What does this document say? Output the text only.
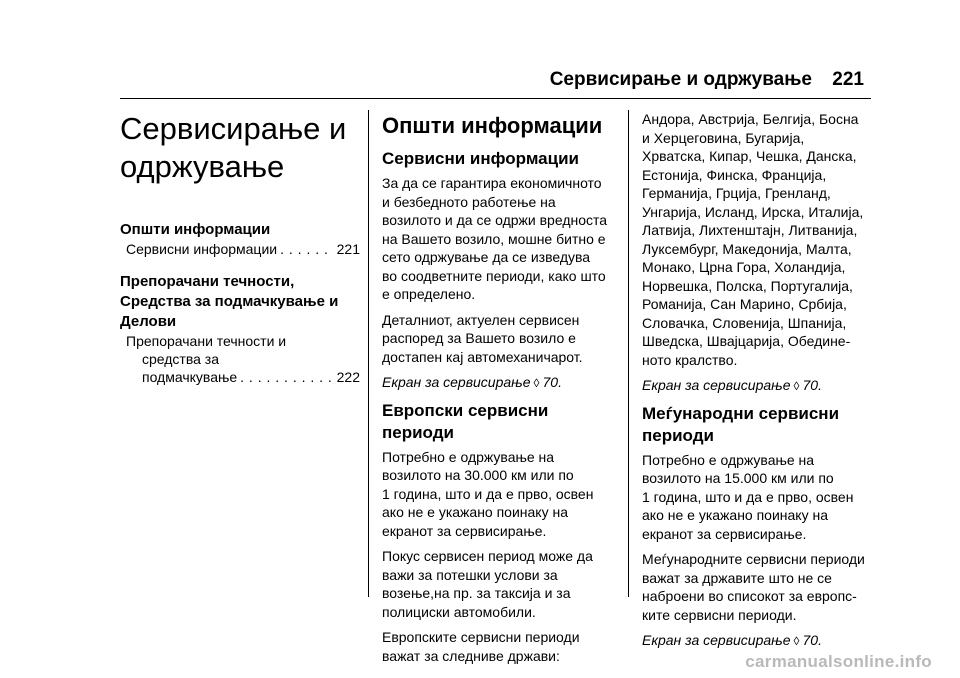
Сервисирање и одржување 221
Сервисирање и
одржување
Општи информации
Сервисни информации . . .	221
Препорачани течности,
Средства за подмачкување и
Делови
Препорачани течности и
средства за
подмачкување . . .	222
Општи информации
Сервисни информации

За да се гарантира економичното
и безбедното работење на
возилото и да се одржи вредноста
на Вашето возило, мошне битно е
сето одржување да се изведува
во соодветните периоди, како што
е определено.

Деталниот, актуелен сервисен
распоред за Вашето возило е
достапен кај автомеханичарот.

Екран за сервисирање ◊ 70.

Европски сервисни периоди

Потребно е одржување на
возилото на 30.000 км или по
1 година, што и да е прво, освен
ако не е укажано поинаку на
екранот за сервисирање.

Покус сервисен период може да
важи за потешки услови за
возење,на пр. за таксија и за
полициски автомобили.

Европските сервисни периоди
важат за следниве држави:

Андора, Австрија, Белгија, Босна
и Херцеговина, Бугарија,
Хрватска, Кипар, Чешка, Данска,
Естонија, Финска, Франција,
Германија, Грција, Гренланд,
Унгарија, Исланд, Ирска, Италија,
Латвија, Лихтенштајн, Литванија,
Луксембург, Македонија, Малта,
Монако, Црна Гора, Холандија,
Норвешка, Полска, Португалија,
Романија, Сан Марино, Србија,
Словачка, Словенија, Шпанија,
Шведска, Швајцарија, Обедине-
ното кралство.

Екран за сервисирање ◊ 70.

Меѓународни сервисни
периоди

Потребно е одржување на
возилото на 15.000 км или по
1 година, што и да е прво, освен
ако не е укажано поинаку на
екранот за сервисирање.

Меѓународните сервисни периоди
важат за државите што не се
наброени во списокот за европс-
ките сервисни периоди.

Екран за сервисирање ◊ 70.

carmanualsonline.info
